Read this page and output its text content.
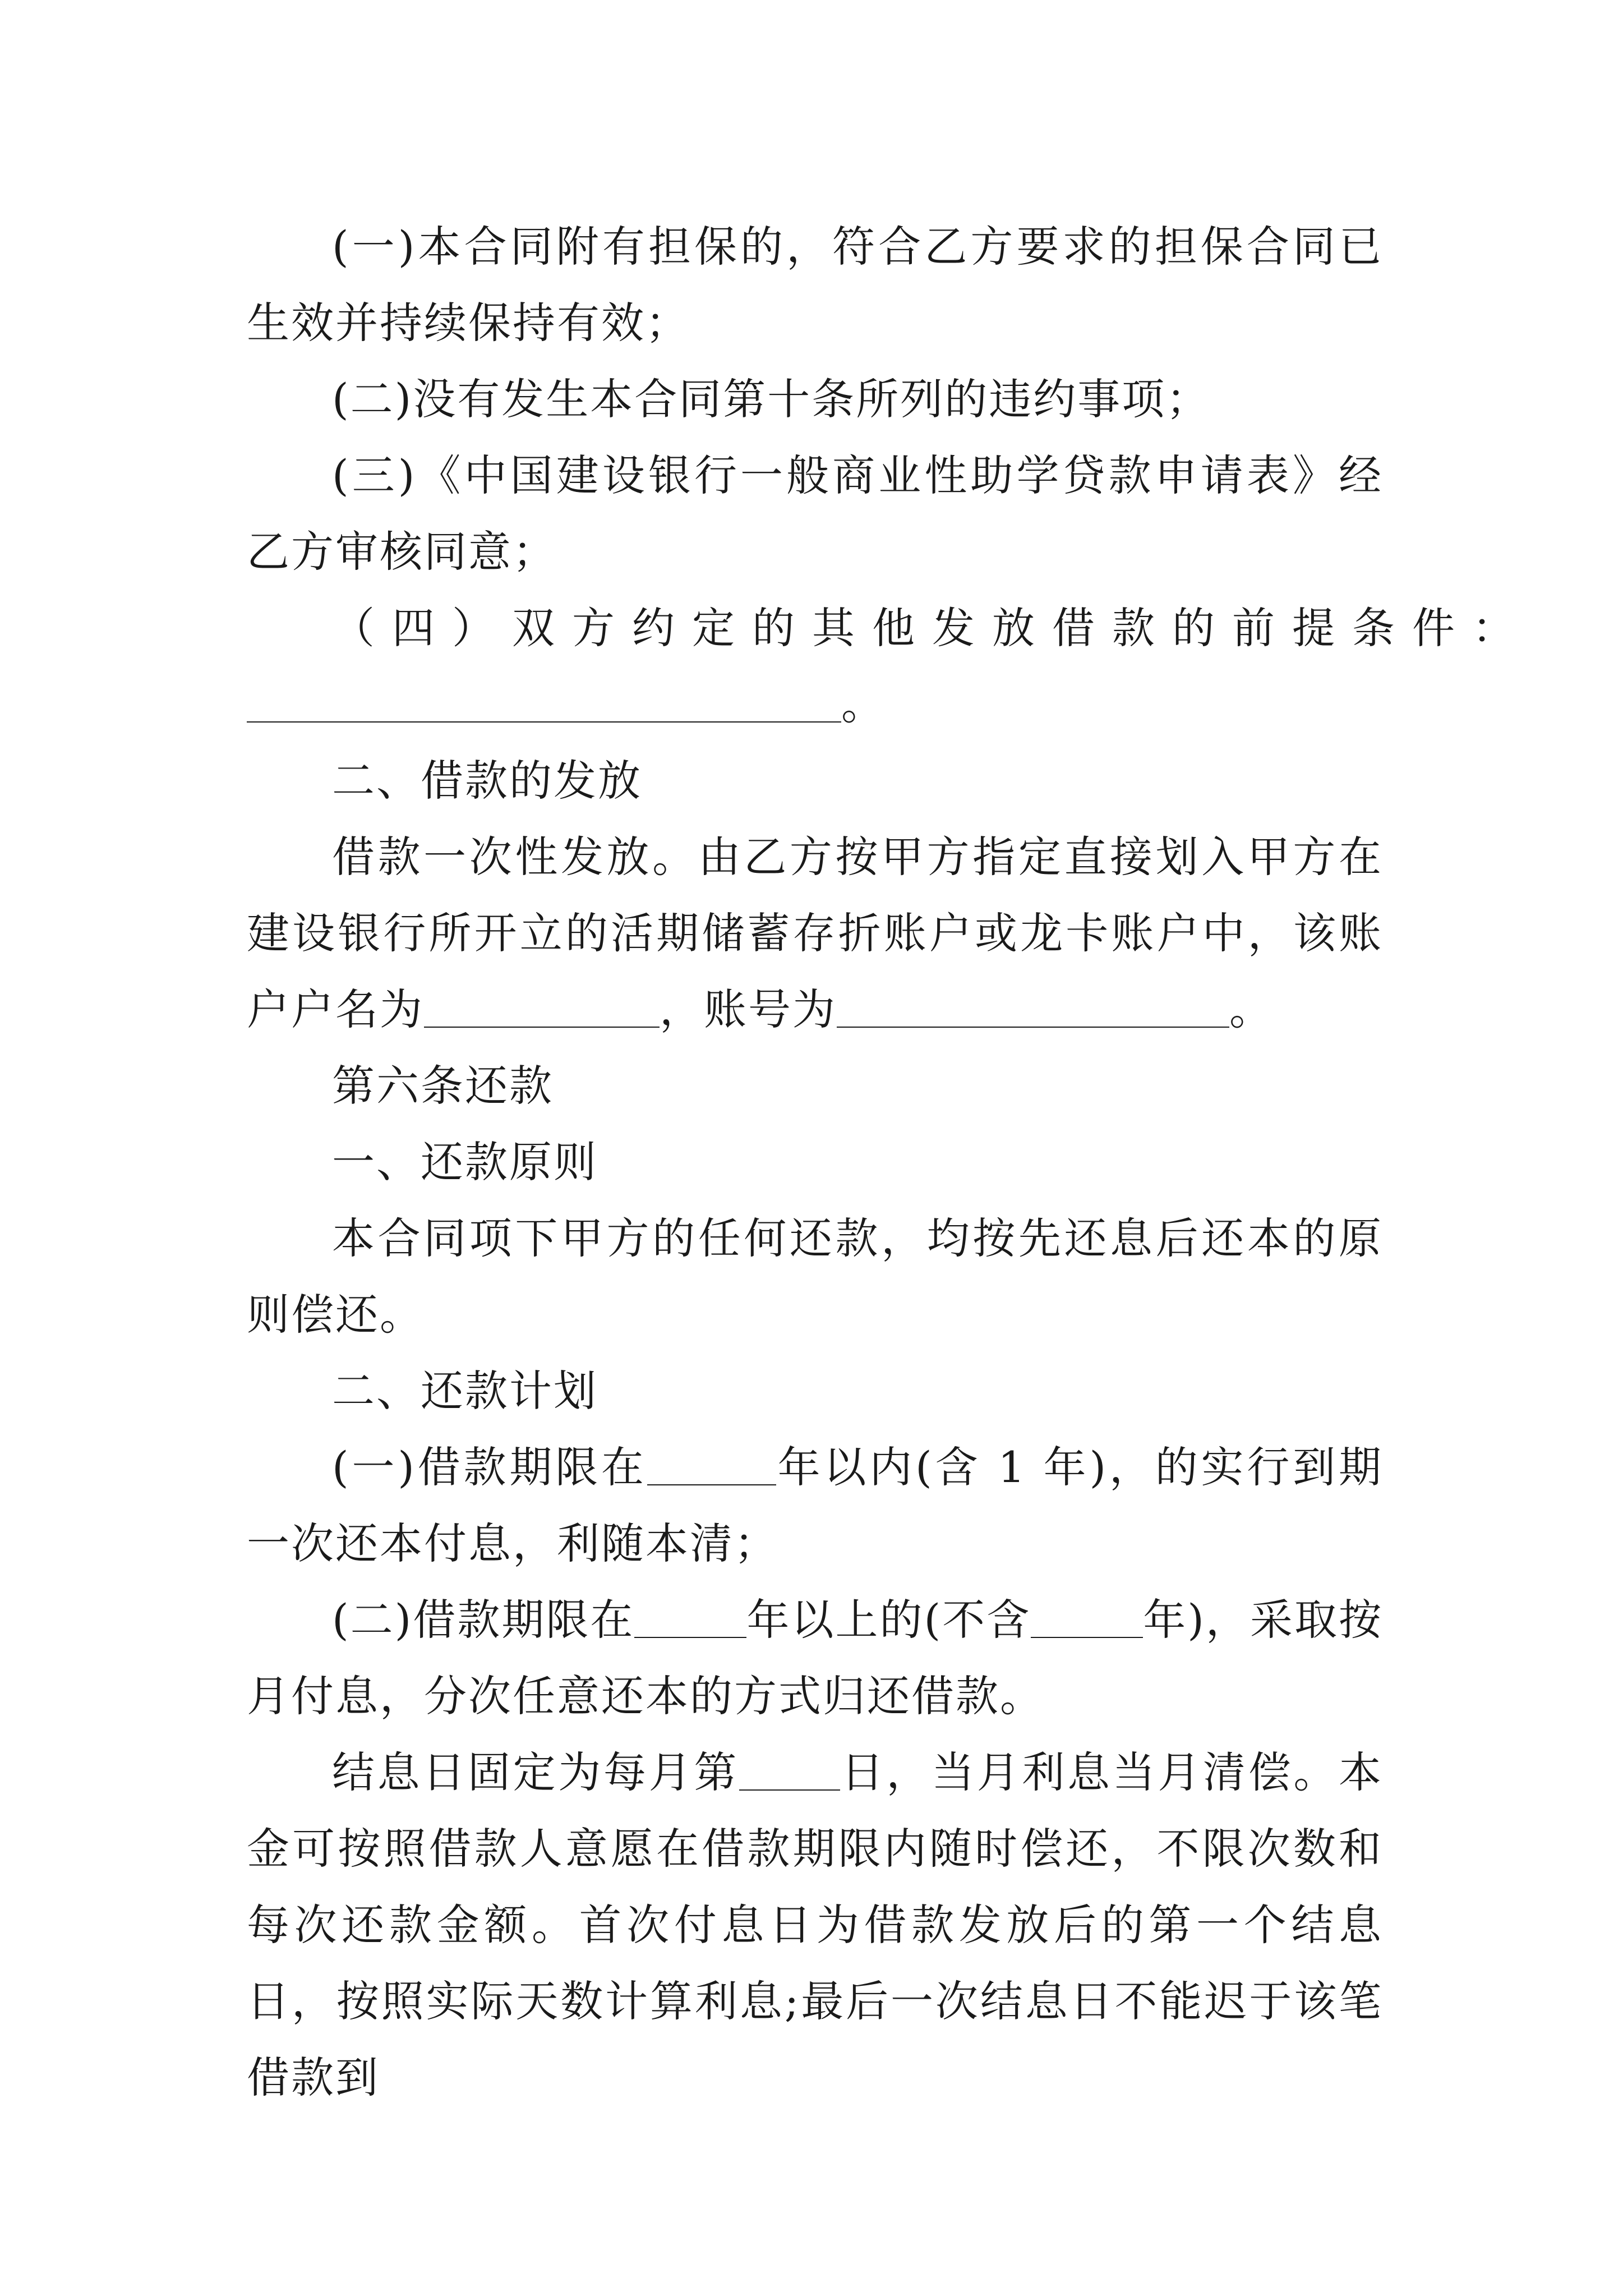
(一)本合同附有担保的，符合乙方要求的担保合同已生效并持续保持有效；

(二)没有发生本合同第十条所列的违约事项；

(三)《中国建设银行一般商业性助学贷款申请表》经乙方审核同意；

（四）双方约定的其他发放借款的前提条件：

。

二、借款的发放

借款一次性发放。由乙方按甲方指定直接划入甲方在建设银行所开立的活期储蓄存折账户或龙卡账户中，该账户户名为	，账号为	。

第六条还款

一、还款原则

本合同项下甲方的任何还款，均按先还息后还本的原则偿还。

二、还款计划

(一)借款期限在	年以内(含 1 年)，的实行到期一次还本付息，利随本清；

(二)借款期限在	年以上的(不含	年)，采取按月付息，分次任意还本的方式归还借款。

结息日固定为每月第 日，当月利息当月清偿。本金可按照借款人意愿在借款期限内随时偿还，不限次数和每次还款金额。首次付息日为借款发放后的第一个结息日，按照实际天数计算利息;最后一次结息日不能迟于该笔借款到
